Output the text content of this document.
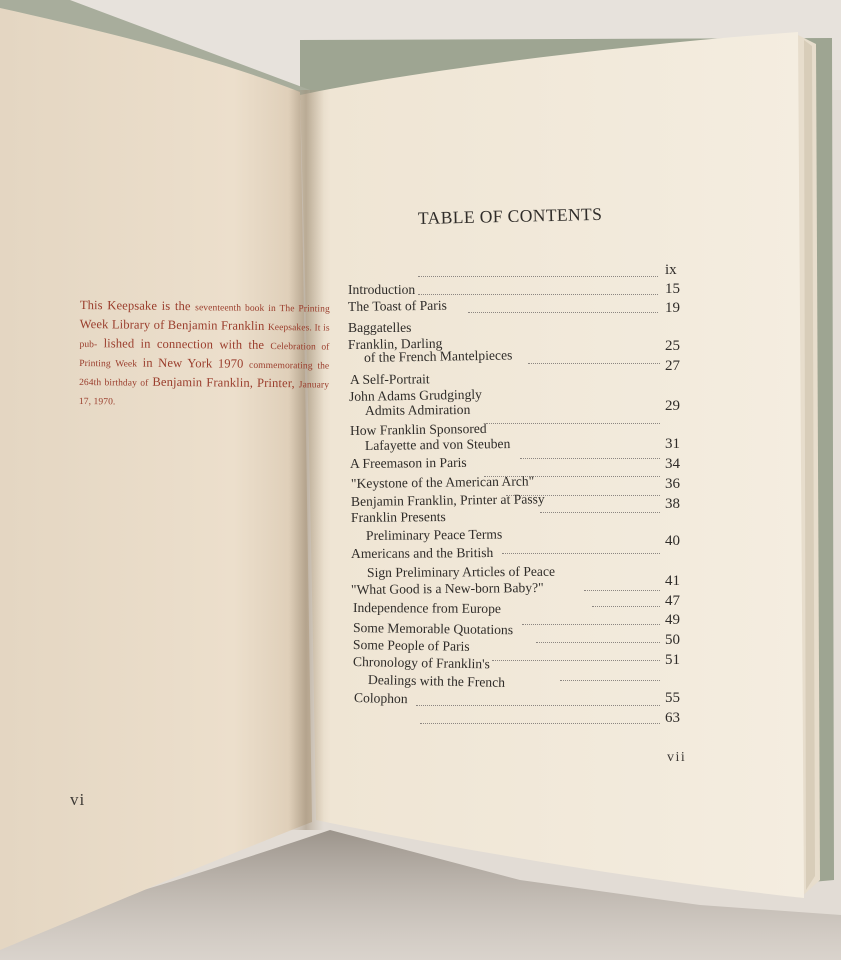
This Keepsake is the seventeenth book in The Printing Week Library of Benjamin Franklin Keepsakes. It is pub- lished in connection with the Celebration of Printing Week in New York 1970 commemorating the 264th birthday of Benjamin Franklin, Printer, January 17, 1970.
vi
TABLE OF CONTENTS
Introduction
The Toast of Paris
Baggatelles
Franklin, Darling
of the French Mantelpieces
A Self-Portrait
John Adams Grudgingly
Admits Admiration
How Franklin Sponsored
Lafayette and von Steuben
A Freemason in Paris
"Keystone of the American Arch"
Benjamin Franklin, Printer at Passy
Franklin Presents
Preliminary Peace Terms
Americans and the British
Sign Preliminary Articles of Peace
"What Good is a New-born Baby?"
Independence from Europe
Some Memorable Quotations
Some People of Paris
Chronology of Franklin's
Dealings with the French
Colophon
ix
15
19
25
27
29
31
34
36
38
40
41
47
49
50
51
55
63
vii
